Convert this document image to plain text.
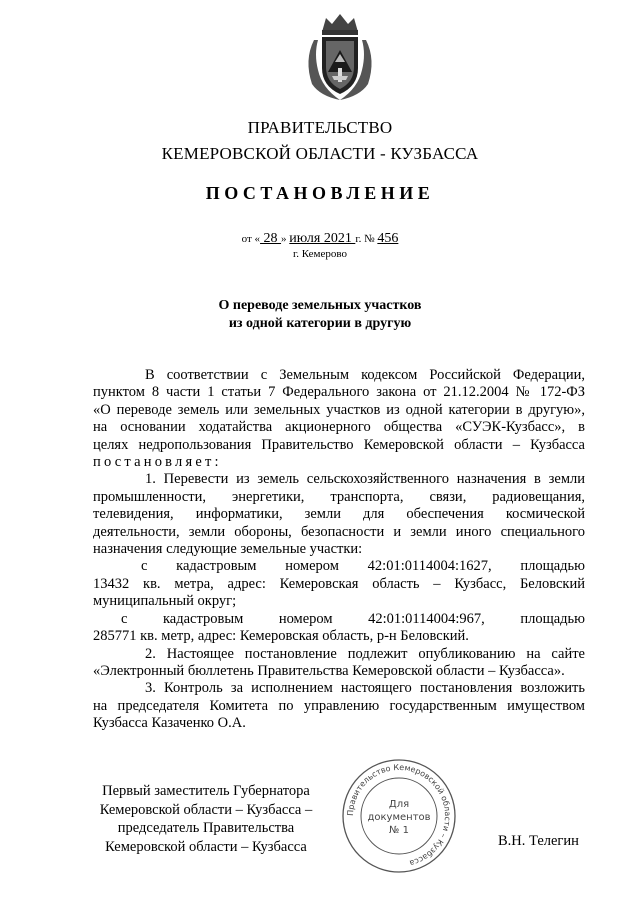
ПРАВИТЕЛЬСТВО
КЕМЕРОВСКОЙ ОБЛАСТИ - КУЗБАССА
ПОСТАНОВЛЕНИЕ
от « 28 » июля 2021 г. № 456
г. Кемерово
О переводе земельных участков
из одной категории в другую

В соответствии с Земельным кодексом Российской Федерации,

пунктом 8 части 1 статьи 7 Федерального закона от 21.12.2004 № 172-ФЗ

«О переводе земель или земельных участков из одной категории в другую»,

на основании ходатайства акционерного общества «СУЭК-Кузбасс», в

целях недропользования Правительство Кемеровской области – Кузбасса

постановляет:

1. Перевести из земель сельскохозяйственного назначения в земли

промышленности, энергетики, транспорта, связи, радиовещания,

телевидения, информатики, земли для обеспечения космической

деятельности, земли обороны, безопасности и земли иного специального

назначения следующие земельные участки:

с кадастровым номером 42:01:0114004:1627, площадью

13432 кв. метра, адрес: Кемеровская область – Кузбасс, Беловский

муниципальный округ;

с кадастровым номером 42:01:0114004:967, площадью

285771 кв. метр, адрес: Кемеровская область, р-н Беловский.

2. Настоящее постановление подлежит опубликованию на сайте

«Электронный бюллетень Правительства Кемеровской области – Кузбасса».

3. Контроль за исполнением настоящего постановления возложить

на председателя Комитета по управлению государственным имуществом

Кузбасса Казаченко О.А.

Первый заместитель Губернатора
Кемеровской области – Кузбасса –
председатель Правительства
Кемеровской области – Кузбасса
Правительство Кемеровской области – Кузбасса
Для
документов
№ 1
В.Н. Телегин
